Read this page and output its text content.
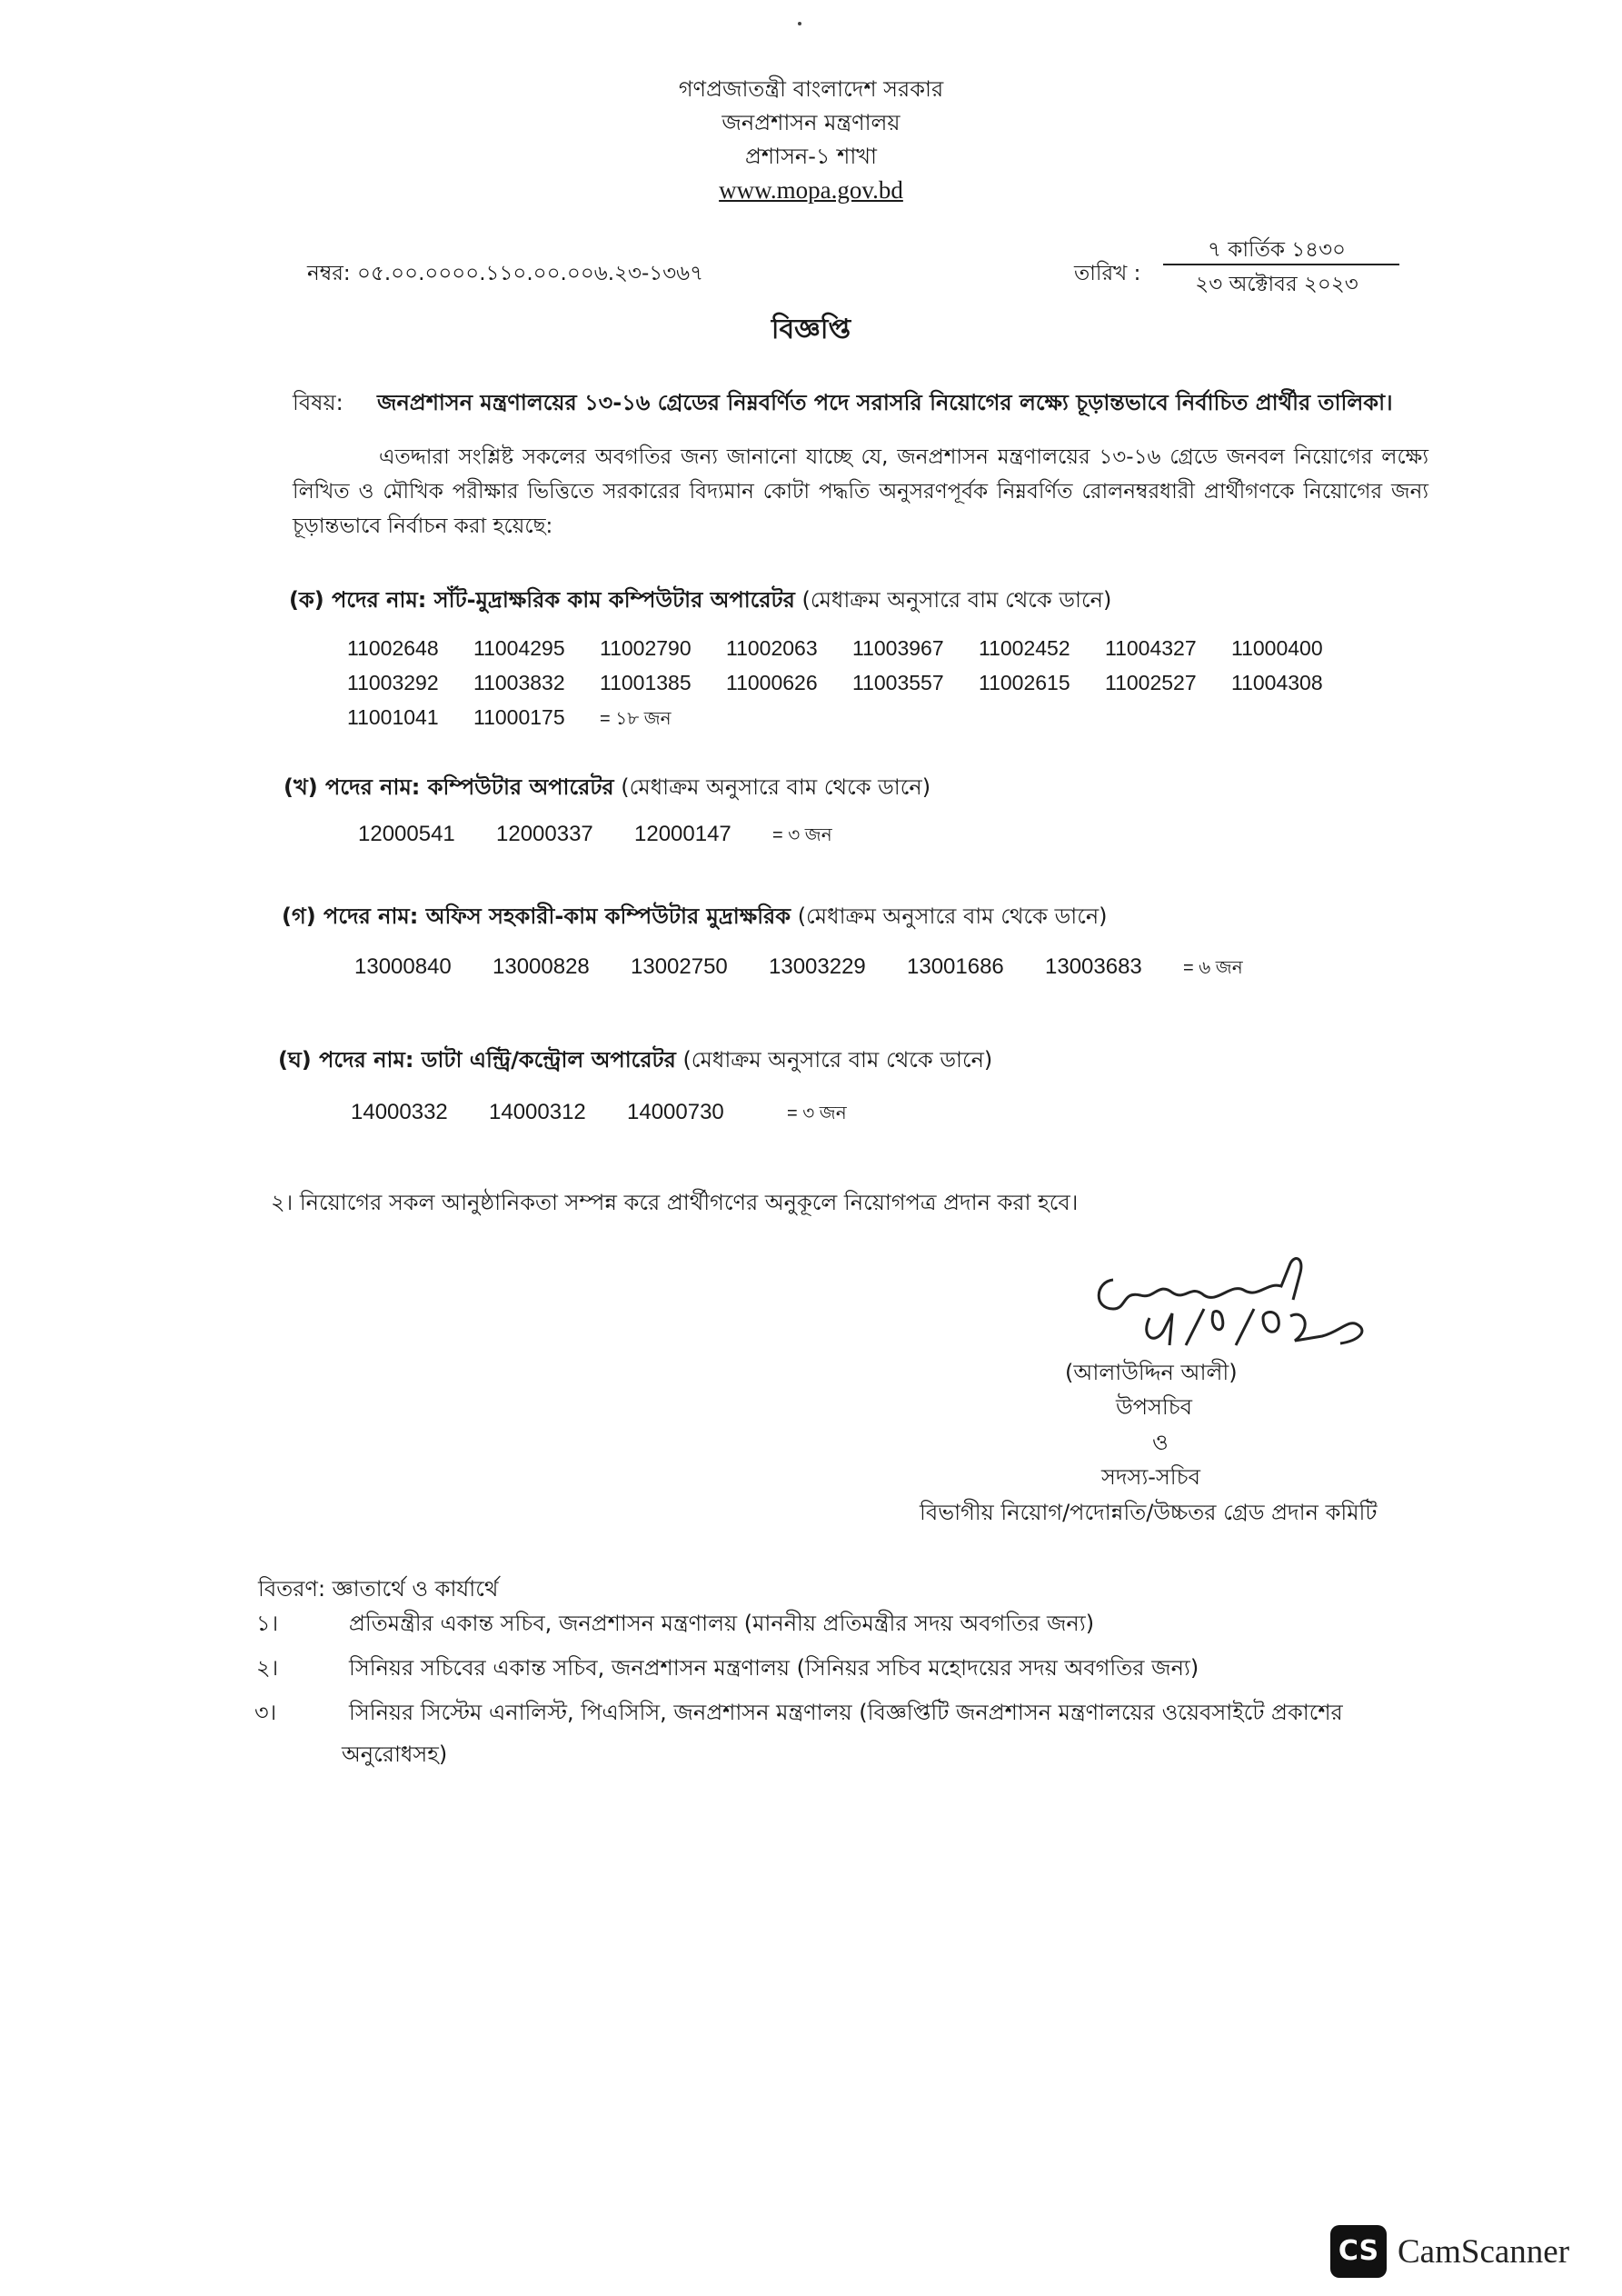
গণপ্রজাতন্ত্রী বাংলাদেশ সরকার
জনপ্রশাসন মন্ত্রণালয়
প্রশাসন-১ শাখা
www.mopa.gov.bd
নম্বর: ০৫.০০.০০০০.১১০.০০.০০৬.২৩-১৩৬৭	তারিখ :
৭ কার্তিক ১৪৩০
২৩ অক্টোবর ২০২৩
বিজ্ঞপ্তি
বিষয়: জনপ্রশাসন মন্ত্রণালয়ের ১৩-১৬ গ্রেডের নিম্নবর্ণিত পদে সরাসরি নিয়োগের লক্ষ্যে চূড়ান্তভাবে নির্বাচিত প্রার্থীর তালিকা।
এতদ্দারা সংশ্লিষ্ট সকলের অবগতির জন্য জানানো যাচ্ছে যে, জনপ্রশাসন মন্ত্রণালয়ের ১৩-১৬ গ্রেডে জনবল নিয়োগের লক্ষ্যে লিখিত ও মৌখিক পরীক্ষার ভিত্তিতে সরকারের বিদ্যমান কোটা পদ্ধতি অনুসরণপূর্বক নিম্নবর্ণিত রোলনম্বরধারী প্রার্থীগণকে নিয়োগের জন্য চূড়ান্তভাবে নির্বাচন করা হয়েছে:
(ক) পদের নাম: সাঁট-মুদ্রাক্ষরিক কাম কম্পিউটার অপারেটর (মেধাক্রম অনুসারে বাম থেকে ডানে)
11002648 11004295 11002790 11002063 11003967 11002452 11004327 11000400
11003292 11003832 11001385 11000626 11003557 11002615 11002527 11004308
11001041 11000175 = ১৮ জন
(খ) পদের নাম: কম্পিউটার অপারেটর (মেধাক্রম অনুসারে বাম থেকে ডানে)
12000541 12000337 12000147 = ৩ জন
(গ) পদের নাম: অফিস সহকারী-কাম কম্পিউটার মুদ্রাক্ষরিক (মেধাক্রম অনুসারে বাম থেকে ডানে)
13000840 13000828 13002750 13003229 13001686 13003683 = ৬ জন
(ঘ) পদের নাম: ডাটা এন্ট্রি/কন্ট্রোল অপারেটর (মেধাক্রম অনুসারে বাম থেকে ডানে)
14000332 14000312 14000730	= ৩ জন
২। নিয়োগের সকল আনুষ্ঠানিকতা সম্পন্ন করে প্রার্থীগণের অনুকূলে নিয়োগপত্র প্রদান করা হবে।
(আলাউদ্দিন আলী)
উপসচিব
ও
সদস্য-সচিব
বিভাগীয় নিয়োগ/পদোন্নতি/উচ্চতর গ্রেড প্রদান কমিটি
বিতরণ: জ্ঞাতার্থে ও কার্যার্থে
১।	প্রতিমন্ত্রীর একান্ত সচিব, জনপ্রশাসন মন্ত্রণালয় (মাননীয় প্রতিমন্ত্রীর সদয় অবগতির জন্য)
২।	সিনিয়র সচিবের একান্ত সচিব, জনপ্রশাসন মন্ত্রণালয় (সিনিয়র সচিব মহোদয়ের সদয় অবগতির জন্য)
৩।	সিনিয়র সিস্টেম এনালিস্ট, পিএসিসি, জনপ্রশাসন মন্ত্রণালয় (বিজ্ঞপ্তিটি জনপ্রশাসন মন্ত্রণালয়ের ওয়েবসাইটে প্রকাশের
অনুরোধসহ)
CS CamScanner
